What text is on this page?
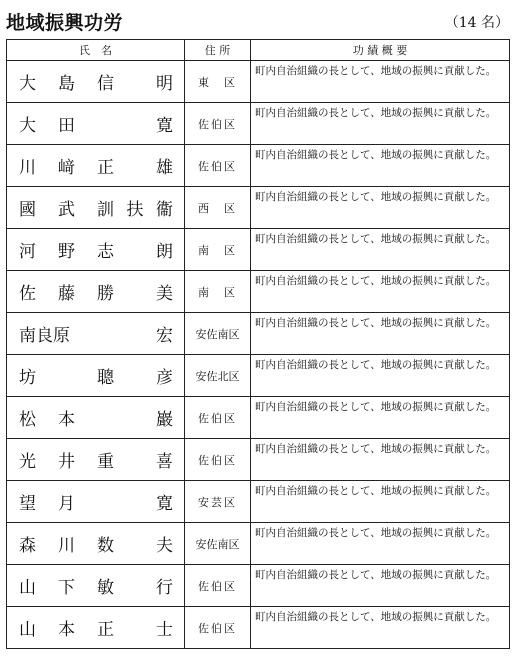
地域振興功労	（14 名）
氏　名	住 所	功 績 概 要

大島 信明	東　区	町内自治組織の長として、地域の振興に貢献した。

大田 寛	佐伯区	町内自治組織の長として、地域の振興に貢献した。

川﨑 正雄	佐伯区	町内自治組織の長として、地域の振興に貢献した。

國武 訓扶衞	西　区	町内自治組織の長として、地域の振興に貢献した。

河野 志朗	南　区	町内自治組織の長として、地域の振興に貢献した。

佐藤 勝美	南　区	町内自治組織の長として、地域の振興に貢献した。

南良原 宏	安佐南区	町内自治組織の長として、地域の振興に貢献した。

坊 聰彦	安佐北区	町内自治組織の長として、地域の振興に貢献した。

松本 巖	佐伯区	町内自治組織の長として、地域の振興に貢献した。

光井 重喜	佐伯区	町内自治組織の長として、地域の振興に貢献した。

望月 寛	安芸区	町内自治組織の長として、地域の振興に貢献した。

森川 数夫	安佐南区	町内自治組織の長として、地域の振興に貢献した。

山下 敏行	佐伯区	町内自治組織の長として、地域の振興に貢献した。

山本 正士	佐伯区	町内自治組織の長として、地域の振興に貢献した。
